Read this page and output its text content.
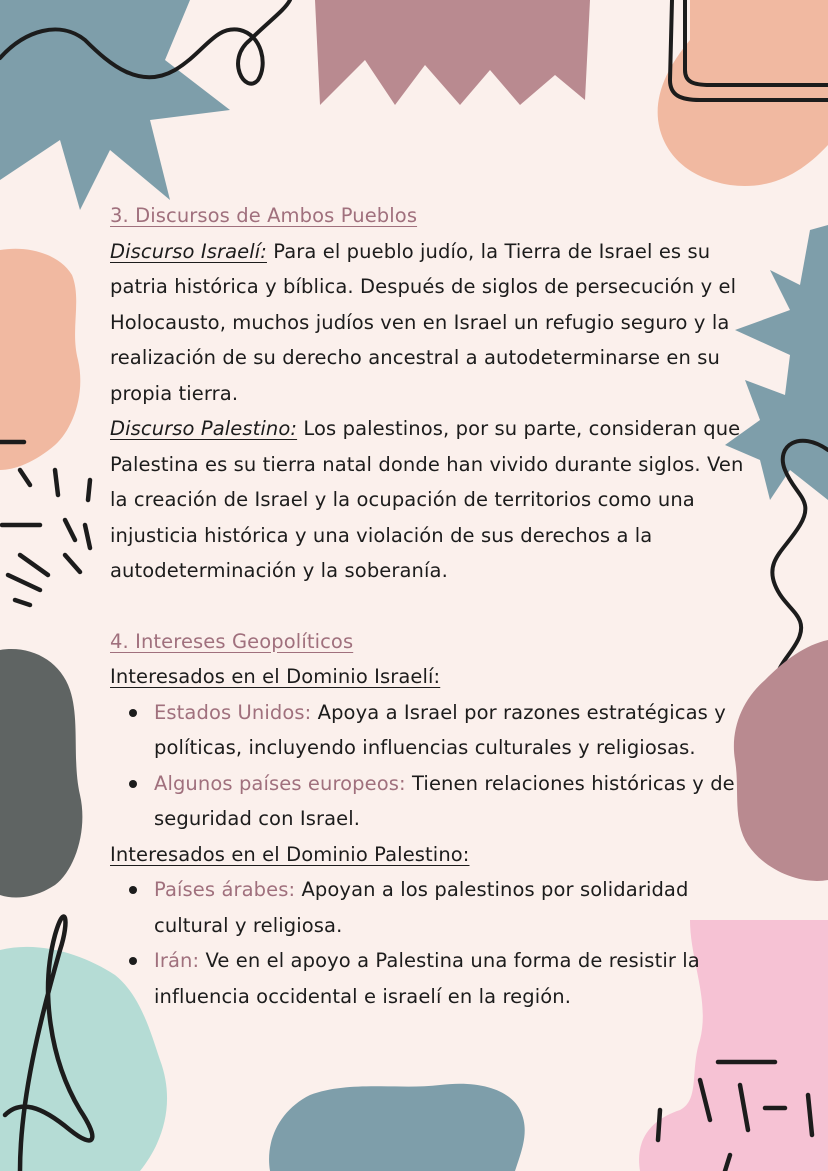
3. Discursos de Ambos Pueblos

Discurso Israelí: Para el pueblo judío, la Tierra de Israel es su patria histórica y bíblica. Después de siglos de persecución y el Holocausto, muchos judíos ven en Israel un refugio seguro y la realización de su derecho ancestral a autodeterminarse en su propia tierra.

Discurso Palestino: Los palestinos, por su parte, consideran que Palestina es su tierra natal donde han vivido durante siglos. Ven la creación de Israel y la ocupación de territorios como una injusticia histórica y una violación de sus derechos a la autodeterminación y la soberanía.

4. Intereses Geopolíticos

Interesados en el Dominio Israelí:

Estados Unidos: Apoya a Israel por razones estratégicas y políticas, incluyendo influencias culturales y religiosas.
Algunos países europeos: Tienen relaciones históricas y de seguridad con Israel.

Interesados en el Dominio Palestino:

Países árabes: Apoyan a los palestinos por solidaridad cultural y religiosa.
Irán: Ve en el apoyo a Palestina una forma de resistir la influencia occidental e israelí en la región.
